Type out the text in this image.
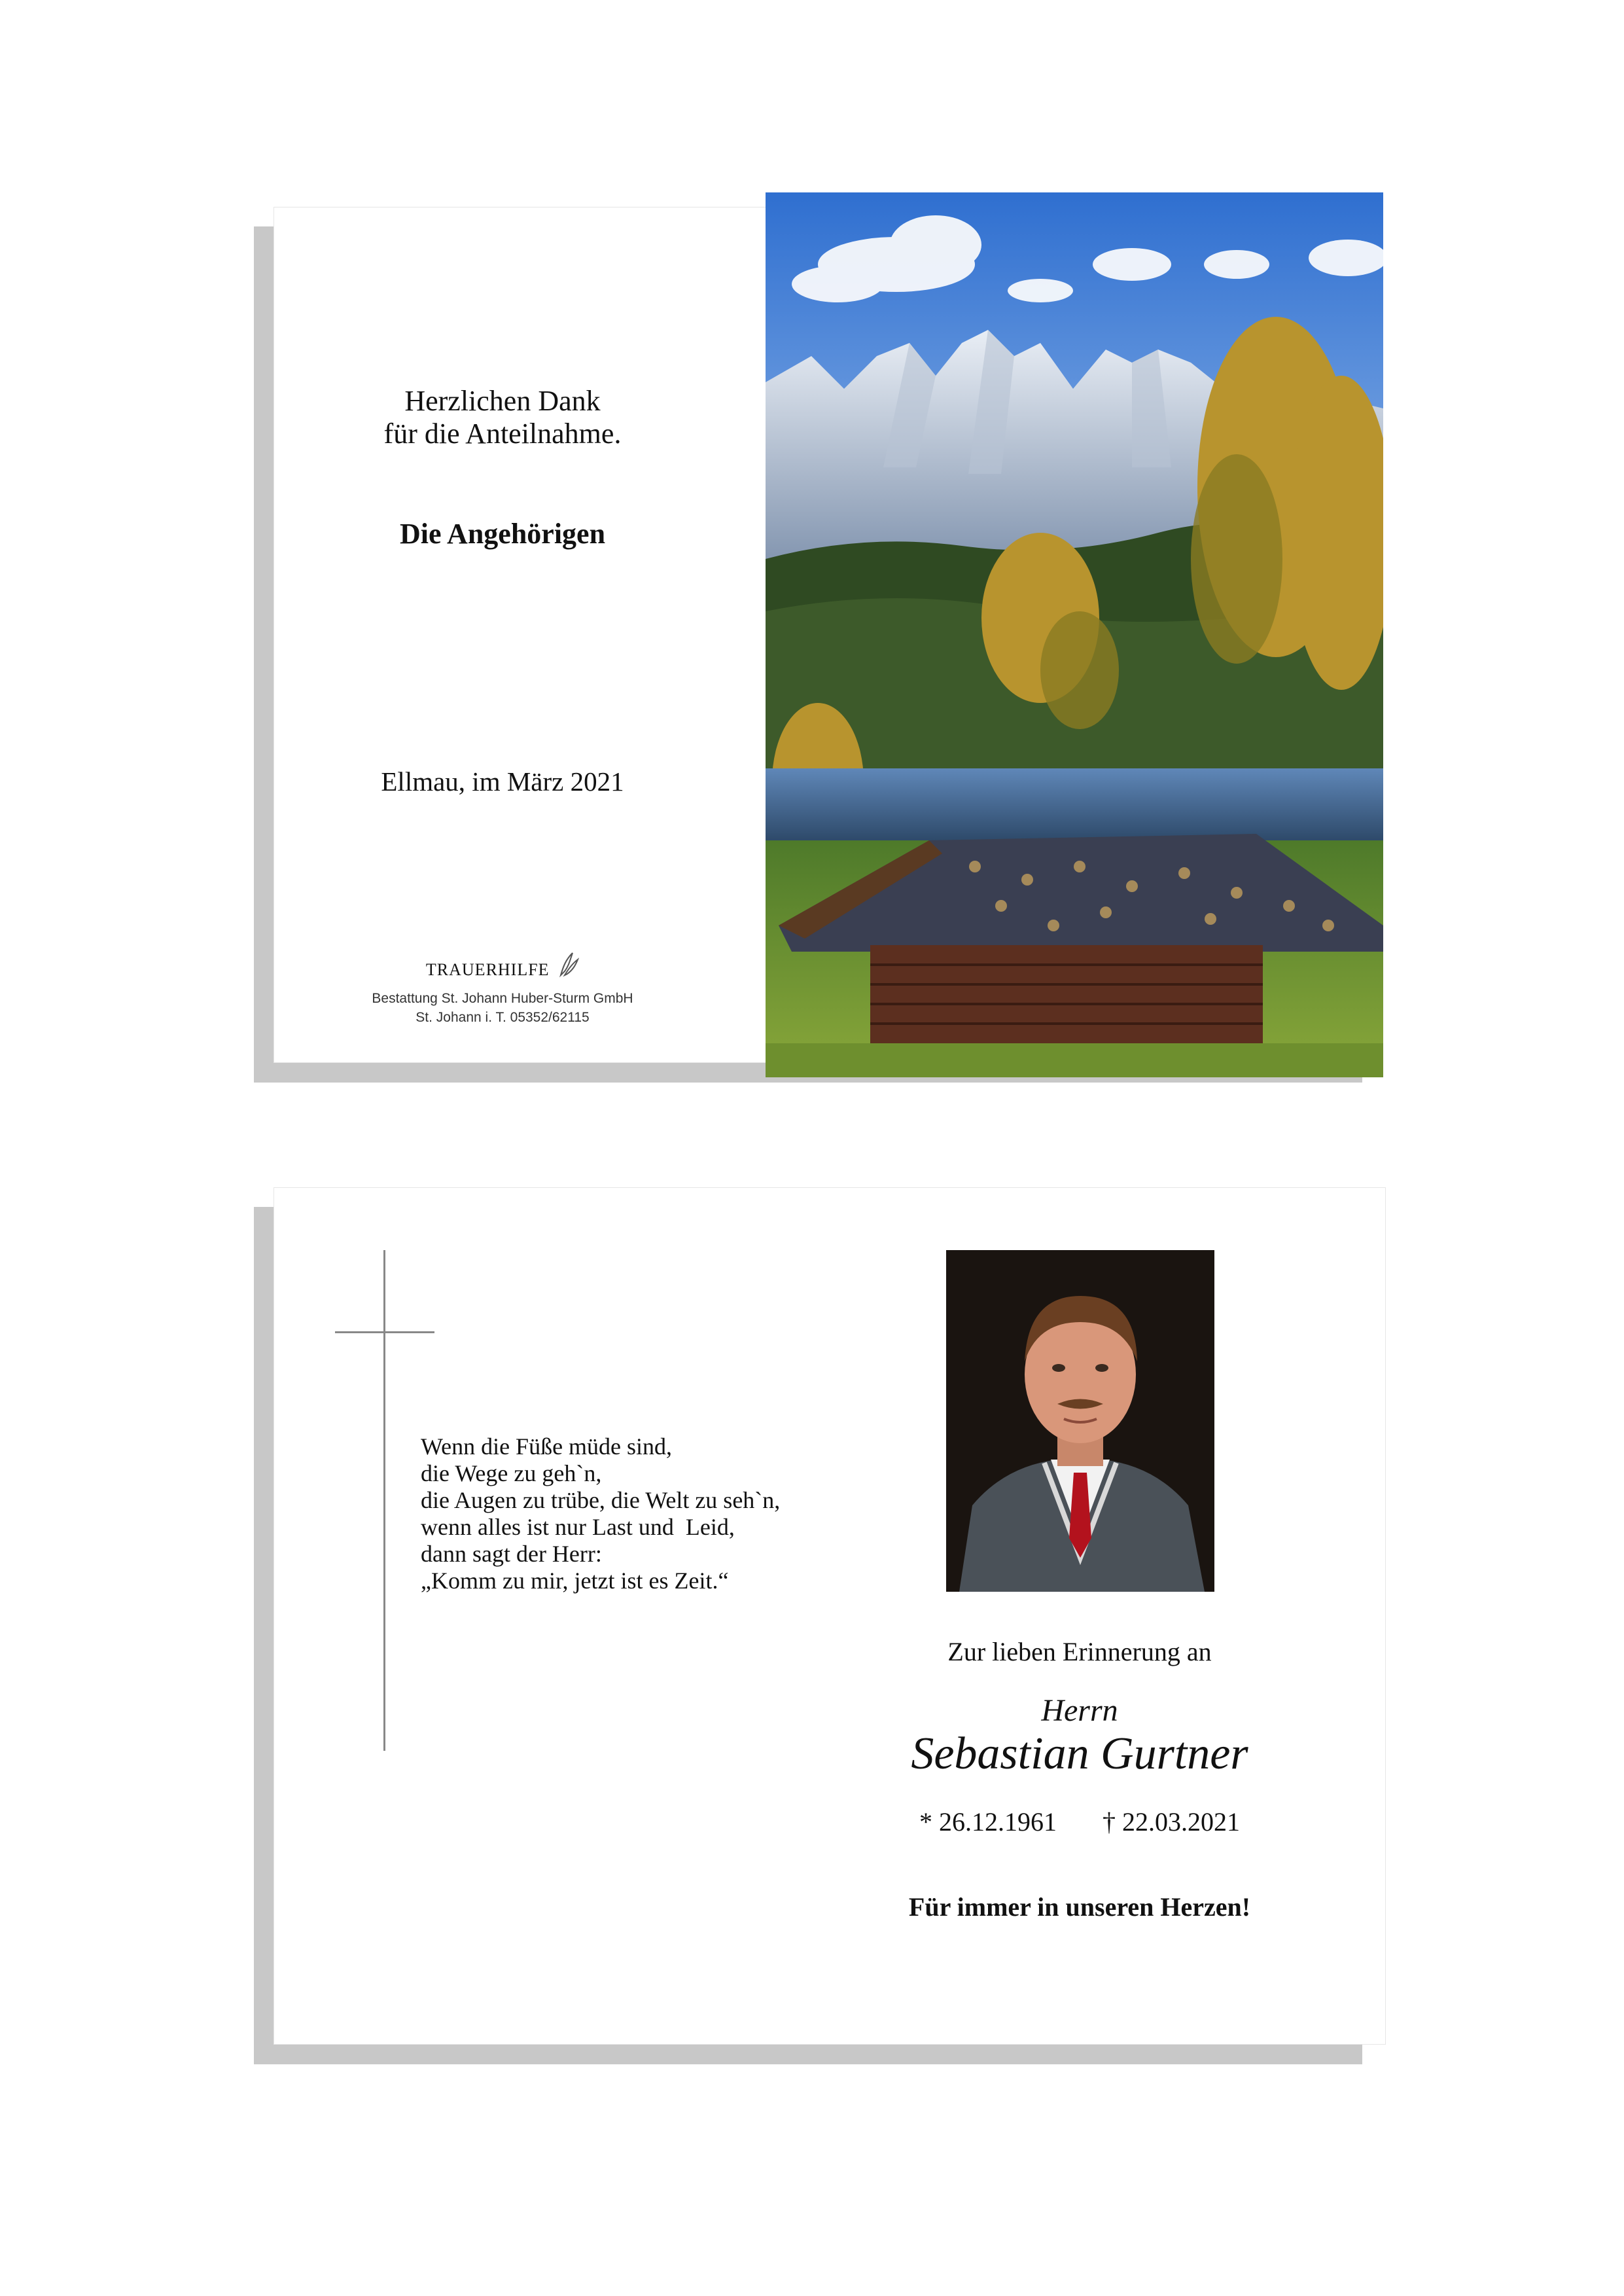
Herzlichen Dank
für die Anteilnahme.
Die Angehörigen
Ellmau, im März 2021
TRAUERHILFE
Bestattung St. Johann Huber-Sturm GmbH
St. Johann i. T. 05352/62115
Wenn die Füße müde sind,
die Wege zu geh`n,
die Augen zu trübe, die Welt zu seh`n,
wenn alles ist nur Last und  Leid,
dann sagt der Herr:
„Komm zu mir, jetzt ist es Zeit.“
Zur lieben Erinnerung an
Herrn
Sebastian Gurtner
* 26.12.1961 † 22.03.2021
Für immer in unseren Herzen!
